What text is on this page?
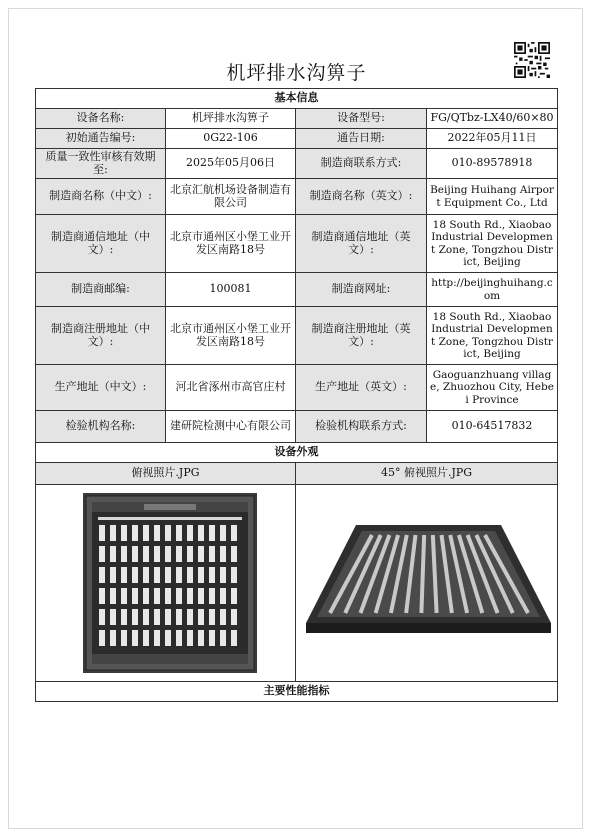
机坪排水沟箅子
基本信息			
设备名称:	机坪排水沟箅子	设备型号:	FG/QTbz-LX40/60×80
初始通告编号:	0G22-106	通告日期:	2022年05月11日
质量一致性审核有效期至:	2025年05月06日	制造商联系方式:	010-89578918
制造商名称（中文）:	北京汇航机场设备制造有限公司	制造商名称（英文）:	Beijing Huihang Airport Equipment Co., Ltd
制造商通信地址（中文）:	北京市通州区小堡工业开发区南路18号	制造商通信地址（英文）:	18 South Rd., Xiaobao Industrial Development Zone, Tongzhou District, Beijing
制造商邮编:	100081	制造商网址:	http://beijinghuihang.com
制造商注册地址（中文）:	北京市通州区小堡工业开发区南路18号	制造商注册地址（英文）:	18 South Rd., Xiaobao Industrial Development Zone, Tongzhou District, Beijing
生产地址（中文）:	河北省涿州市高官庄村	生产地址（英文）:	Gaoguanzhuang village, Zhuozhou City, Hebei Province
检验机构名称:	建研院检测中心有限公司	检验机构联系方式:	010-64517832
设备外观			
俯视照片.JPG		45° 俯视照片.JPG	

主要性能指标			
